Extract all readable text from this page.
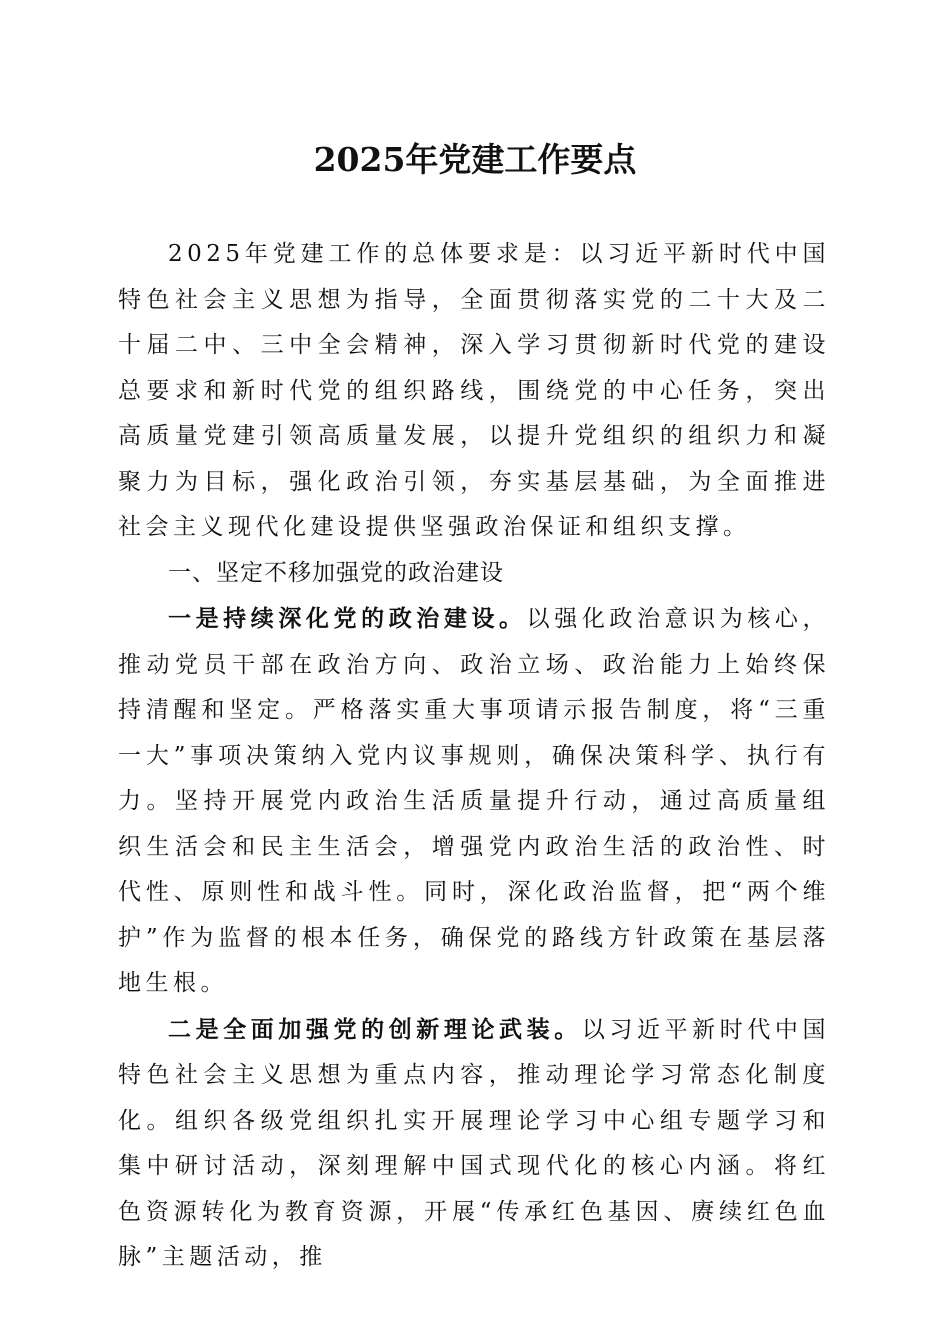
2025年党建工作要点

2025年党建工作的总体要求是：以习近平新时代中国特色社会主义思想为指导，全面贯彻落实党的二十大及二十届二中、三中全会精神，深入学习贯彻新时代党的建设总要求和新时代党的组织路线，围绕党的中心任务，突出高质量党建引领高质量发展，以提升党组织的组织力和凝聚力为目标，强化政治引领，夯实基层基础，为全面推进社会主义现代化建设提供坚强政治保证和组织支撑。

一、坚定不移加强党的政治建设

一是持续深化党的政治建设。以强化政治意识为核心，推动党员干部在政治方向、政治立场、政治能力上始终保持清醒和坚定。严格落实重大事项请示报告制度，将“三重一大”事项决策纳入党内议事规则，确保决策科学、执行有力。坚持开展党内政治生活质量提升行动，通过高质量组织生活会和民主生活会，增强党内政治生活的政治性、时代性、原则性和战斗性。同时，深化政治监督，把“两个维护”作为监督的根本任务，确保党的路线方针政策在基层落地生根。

二是全面加强党的创新理论武装。以习近平新时代中国特色社会主义思想为重点内容，推动理论学习常态化制度化。组织各级党组织扎实开展理论学习中心组专题学习和集中研讨活动，深刻理解中国式现代化的核心内涵。将红色资源转化为教育资源，开展“传承红色基因、赓续红色血脉”主题活动，推
